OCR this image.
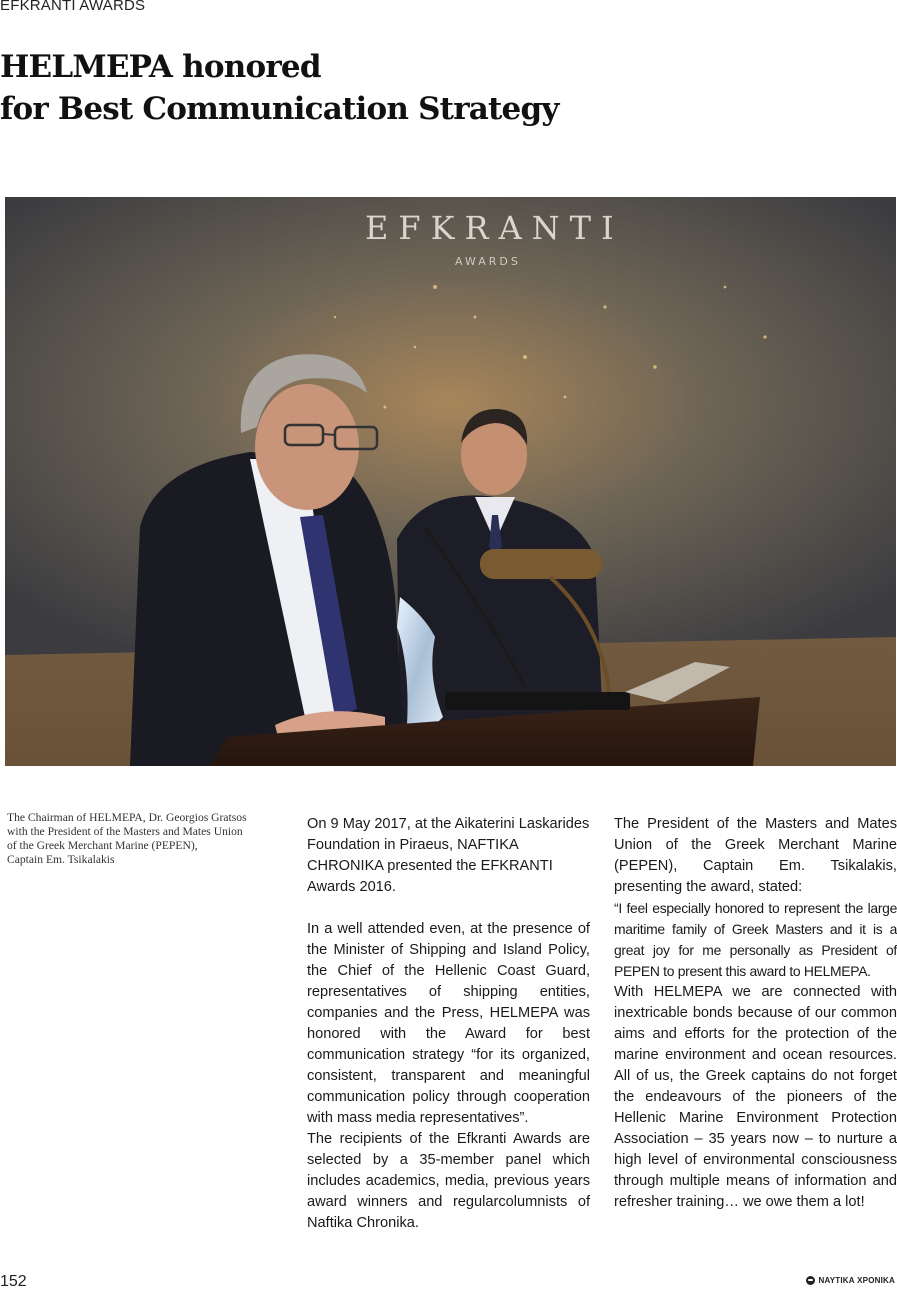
EFKRANTI AWARDS
HELMEPA honored
for Best Communication Strategy
EFKRANTI
AWARDS
The Chairman of HELMEPA, Dr. Georgios Gratsos
with the President of the Masters and Mates Union
of the Greek Merchant Marine (PEPEN),
Captain Em. Tsikalakis

On 9 May 2017, at the Aikaterini Laskarides Foundation in Piraeus, NAFTIKA CHRONIKA presented the EFKRANTI Awards 2016.

In a well attended even, at the presence of the Minister of Shipping and Island Policy, the Chief of the Hellenic Coast Guard, representatives of shipping entities, companies and the Press, HELMEPA was honored with the Award for best communication strategy “for its organized, consistent, transparent and meaningful communication policy through cooperation with mass media representatives”.

The recipients of the Efkranti Awards are selected by a 35-member panel which includes academics, media, previous years award winners and regularcolumnists of Naftika Chronika.

The President of the Masters and Mates Union of the Greek Merchant Marine (PEPEN), Captain Em. Tsikalakis, presenting the award, stated:

“I feel especially honored to represent the large maritime family of Greek Masters and it is a great joy for me personally as President of PEPEN to present this award to HELMEPA.

With HELMEPA we are connected with inextricable bonds because of our common aims and efforts for the protection of the marine environment and ocean resources. All of us, the Greek captains do not forget the endeavours of the pioneers of the Hellenic Marine Environment Protection Association – 35 years now – to nurture a high level of environmental consciousness through multiple means of information and refresher training… we owe them a lot!

152	ΝΑΥΤΙΚΑ ΧΡΟΝΙΚΑ
